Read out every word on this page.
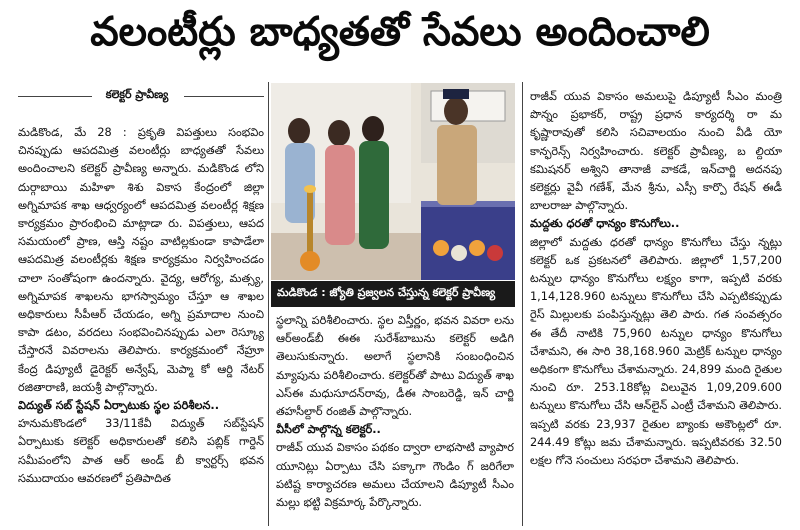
వలంటీర్లు బాధ్యతతో సేవలు అందించాలి
కలెక్టర్ ప్రావీణ్య

మడికొండ, మే 28 : ప్రకృతి విపత్తులు సంభవిం చినప్పుడు ఆపదమిత్ర వలంటీర్లు బాధ్యతతో సేవలు అందించాలని కలెక్టర్ ప్రావీణ్య అన్నారు. మడికొండ లోని దుర్గాబాయి మహిళా శిశు వికాస కేంద్రంలో జిల్లా అగ్నిమాపక శాఖ ఆధ్వర్యంలో ఆపదమిత్ర వలంటీర్ల శిక్షణ కార్యక్రమం ప్రారంభించి మాట్లాడా రు. విపత్తులు, ఆపద సమయంలో ప్రాణ, ఆస్తి నష్టం వాటిల్లకుండా కాపాడేలా ఆపదమిత్ర వలంటీర్లకు శిక్షణ కార్యక్రమం నిర్వహించడం చాలా సంతోషంగా ఉందన్నారు. వైద్య, ఆరోగ్య, మత్స్య, అగ్నిమాపక శాఖలను భాగస్వామ్యం చేస్తూ ఆ శాఖల అధికారులు సీపీఆర్ చేయడం, అగ్ని ప్రమాదాల నుంచి కాపా డటం, వరదలు సంభవించినప్పుడు ఎలా రెస్క్యూ చేస్తారనే వివరాలను తెలిపారు. కార్యక్రమంలో నేహ్రూ కేంద్ర డిప్యూటీ డైరెక్టర్ అన్వేష్, మెప్మా కో ఆర్డి నేటర్ రజితారాణి, జయశ్రీ పాల్గొన్నారు.

విద్యుత్ సబ్ స్టేషన్ ఏర్పాటుకు స్థల పరిశీలన..

హనుమకొండలో 33/11కేవీ విద్యుత్ సబ్‌స్టేషన్ ఏర్పాటుకు కలెక్టర్ అధికారులతో కలిసి పబ్లిక్ గార్డెన్ సమీపంలోని పాత ఆర్ అండ్ బీ క్వార్టర్స్ భవన సముదాయం ఆవరణలో ప్రతిపాదిత

మడికొండ : జ్యోతి ప్రజ్వలన చేస్తున్న కలెక్టర్ ప్రావీణ్య

స్థలాన్ని పరిశీలించారు. స్థల విస్తీర్ణం, భవన వివరా లను ఆర్అండ్‌బీ ఈఈ సురేశ్‌బాబును కలెక్టర్ అడిగి తెలుసుకున్నారు. అలాగే స్థలానికి సంబంధించిన మ్యాపును పరిశీలించారు. కలెక్టర్‌తో పాటు విద్యుత్ శాఖ ఎస్ఈ మధుసూదన్‌రావు, డీఈ సాంబరెడ్డి, ఇన్ చార్జి తహసీల్దార్ రంజిత్ పాల్గొన్నారు.

వీసీలో పాల్గొన్న కలెక్టర్..

రాజీవ్ యువ వికాసం పథకం ద్వారా లాభసాటి వ్యాపార యూనిట్లు ఏర్పాటు చేసి పక్కాగా గౌండిం గ్ జరిగేలా పటిష్ట కార్యాచరణ అమలు చేయాలని డిప్యూటీ సీఎం మల్లు భట్టి విక్రమార్క పేర్కొన్నారు.

రాజీవ్ యువ వికాసం అమలుపై డిప్యూటీ సీఎం మంత్రి పొన్నం ప్రభాకర్, రాష్ట్ర ప్రధాన కార్యదర్శి రా మ కృష్ణారావుతో కలిసి సచివాలయం నుంచి వీడి యో కాన్ఫరెన్స్ నిర్వహించారు. కలెక్టర్ ప్రావీణ్య, బ ల్దియా కమిషనర్ అశ్విని తానాజీ వాకడే, ఇన్‌చార్జి అదనపు కలెక్టర్లు వైవీ గణేశ్, మేన శ్రీను, ఎస్సీ కార్పొ రేషన్ ఈడీ బాలరాజు పాల్గొన్నారు.

మద్దతు ధరతో ధాన్యం కొనుగోలు..

జిల్లాలో మద్దతు ధరతో ధాన్యం కొనుగోలు చేస్తు న్నట్లు కలెక్టర్ ఒక ప్రకటనలో తెలిపారు. జిల్లాలో 1,57,200 టన్నుల ధాన్యం కొనుగోలు లక్ష్యం కాగా, ఇప్పటి వరకు 1,14,128.960 టన్నులు కొనుగోలు చేసి ఎప్పటికప్పుడు రైస్ మిల్లులకు పంపిస్తున్నట్లు తెలి పారు. గత సంవత్సరం ఈ తేదీ నాటికి 75,960 టన్నుల ధాన్యం కొనుగోలు చేశామని, ఈ సారి 38,168.960 మెట్రిక్ టన్నుల ధాన్యం అధికంగా కొనుగోలు చేశామన్నారు. 24,899 మంది రైతుల నుంచి రూ. 253.18కోట్ల విలువైన 1,09,209.600 టన్నులు కొనుగోలు చేసి ఆన్‌లైన్ ఎంట్రీ చేశామని తెలిపారు. ఇప్పటి వరకు 23,937 రైతుల బ్యాంకు అకౌంట్లలో రూ. 244.49 కోట్లు జమ చేశామన్నారు. ఇప్పటివరకు 32.50 లక్షల గోనె సంచులు సరఫరా చేశామని తెలిపారు.
